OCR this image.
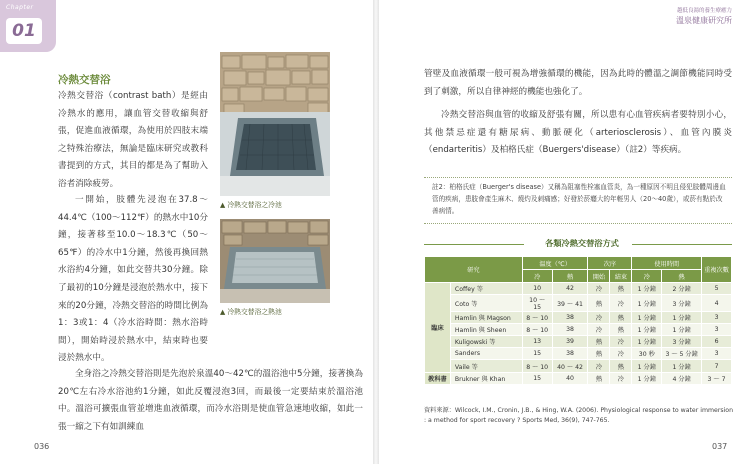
Chapter
01
冷熱交替浴

冷熱交替浴（contrast bath）是經由冷熱水的應用，讓血管交替收縮與舒張，促進血液循環，為使用於四肢末端之特殊治療法，無論是臨床研究或教科書提到的方式，其目的都是為了幫助入浴者消除疲勞。

一開始，肢體先浸泡在37.8～44.4℃（100～112℉）的熱水中10分鐘，接著移至10.0～18.3℃（50～65℉）的冷水中1分鐘，然後再換回熱水浴約4分鐘，如此交替共30分鐘。除了最初的10分鐘是浸泡於熱水中，接下來的20分鐘，冷熱交替浴的時間比例為1：3或1：4（冷水浴時間：熱水浴時間），開始時浸於熱水中，結束時也要浸於熱水中。

全身浴之冷熱交替浴則是先泡於泉溫40～42℃的溫浴池中5分鐘，接著換為20℃左右冷水浴池約1分鐘，如此反覆浸泡3回，而最後一定要結束於溫浴池中。溫浴可擴張血管並增進血液循環，而冷水浴則是使血管急速地收縮，如此一張一縮之下有如訓練血

▲ 冷熱交替浴之冷池
▲ 冷熱交替浴之熱池
036
越低良湯的養生療癒力
溫泉健康研究所

管壁及血液循環一般可視為增強循環的機能，因為此時的體溫之調節機能同時受到了刺激，所以自律神經的機能也強化了。

冷熱交替浴與血管的收縮及舒張有關，所以患有心血管疾病者要特別小心，其他禁忌症還有糖尿病、動脈硬化（arteriosclerosis）、血管內膜炎（endarteritis）及柏格氏症（Buergers'disease）（註2）等疾病。

註2：柏格氏症（Buerger's disease）又稱為阻塞性栓塞血管炎，為一種原因不明且侵犯肢體周邊血管的疾病，患肢會產生麻木、燒灼及刺痛感；好發於菸癮大的年輕男人（20～40歲），或菸有點於改善病情。
各類冷熱交替浴方式
研究		溫度（℃）		次序		使用時間		重複次數
		冷	熱	開始	結束	冷	熱	
臨床	Coffey 等	10	42	冷	熱	1 分鐘	2 分鐘	5
	Coto 等	10 ～ 15	39 ～ 41	熱	冷	1 分鐘	3 分鐘	4
	Hamlin 與 Magson	8 ～ 10	38	冷	熱	1 分鐘	1 分鐘	3
	Hamlin 與 Sheen	8 ～ 10	38	冷	熱	1 分鐘	1 分鐘	3
	Kuligowski 等	13	39	熱	冷	1 分鐘	3 分鐘	6
	Sanders	15	38	熱	冷	30 秒	3 ～ 5 分鐘	3
	Vaile 等	8 ～ 10	40 ～ 42	冷	熱	1 分鐘	1 分鐘	7
教科書	Brukner 與 Khan	15	40	熱	冷	1 分鐘	4 分鐘	3 ～ 7
資料來源：Wilcock, I.M., Cronin, J.B., & Hing, W.A. (2006). Physiological response to water immersion : a method for sport recovery ? Sports Med, 36(9), 747-765.
037
